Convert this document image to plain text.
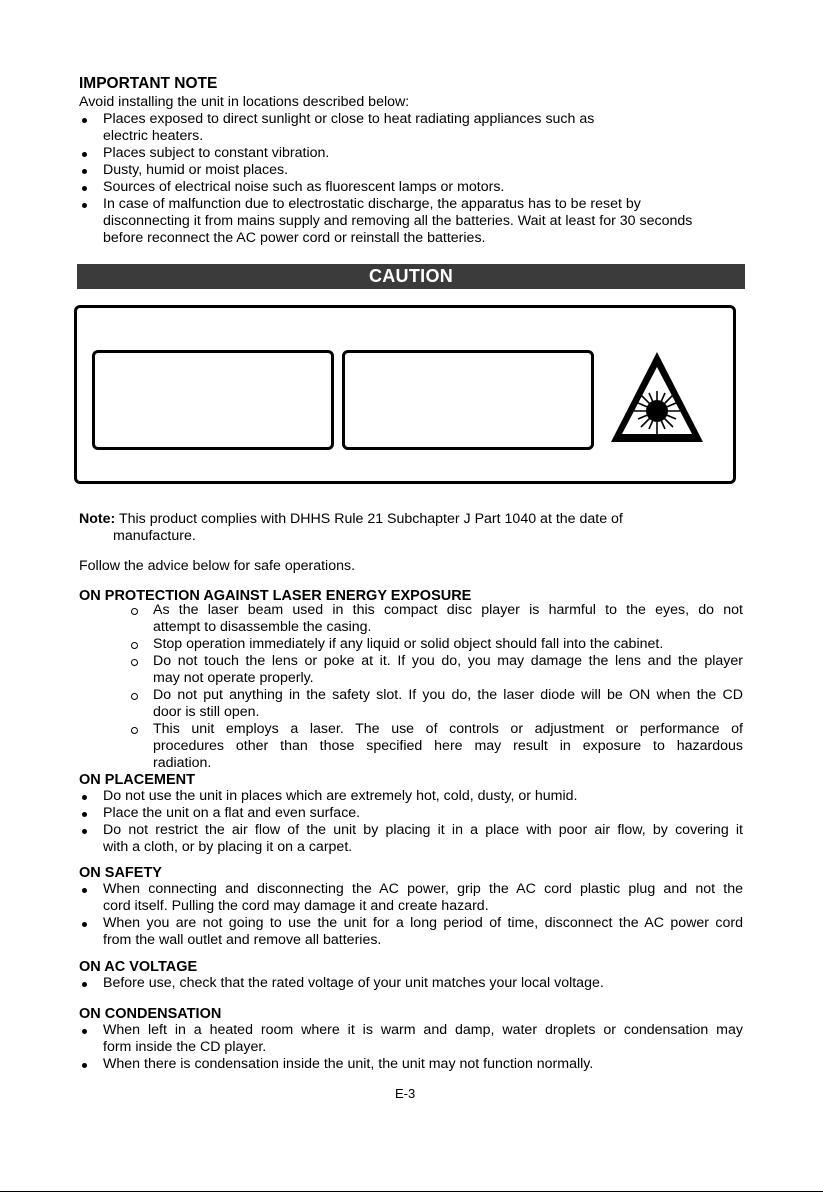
IMPORTANT NOTE
Avoid installing the unit in locations described below:
Places exposed to direct sunlight or close to heat radiating appliances such as
electric heaters.
Places subject to constant vibration.
Dusty, humid or moist places.
Sources of electrical noise such as fluorescent lamps or motors.
In case of malfunction due to electrostatic discharge, the apparatus has to be reset by
disconnecting it from mains supply and removing all the batteries. Wait at least for 30 seconds
before reconnect the AC power cord or reinstall the batteries.
CAUTION
Note: This product complies with DHHS Rule 21 Subchapter J Part 1040 at the date of
manufacture.
Follow the advice below for safe operations.
ON PROTECTION AGAINST LASER ENERGY EXPOSURE
As the laser beam used in this compact disc player is harmful to the eyes, do not
attempt to disassemble the casing.
Stop operation immediately if any liquid or solid object should fall into the cabinet.
Do not touch the lens or poke at it. If you do, you may damage the lens and the player
may not operate properly.
Do not put anything in the safety slot. If you do, the laser diode will be ON when the CD
door is still open.
This unit employs a laser. The use of controls or adjustment or performance of
procedures other than those specified here may result in exposure to hazardous
radiation.
ON PLACEMENT
Do not use the unit in places which are extremely hot, cold, dusty, or humid.
Place the unit on a flat and even surface.
Do not restrict the air flow of the unit by placing it in a place with poor air flow, by covering it
with a cloth, or by placing it on a carpet.
ON SAFETY
When connecting and disconnecting the AC power, grip the AC cord plastic plug and not the
cord itself. Pulling the cord may damage it and create hazard.
When you are not going to use the unit for a long period of time, disconnect the AC power cord
from the wall outlet and remove all batteries.
ON AC VOLTAGE
Before use, check that the rated voltage of your unit matches your local voltage.
ON CONDENSATION
When left in a heated room where it is warm and damp, water droplets or condensation may
form inside the CD player.
When there is condensation inside the unit, the unit may not function normally.
E-3
